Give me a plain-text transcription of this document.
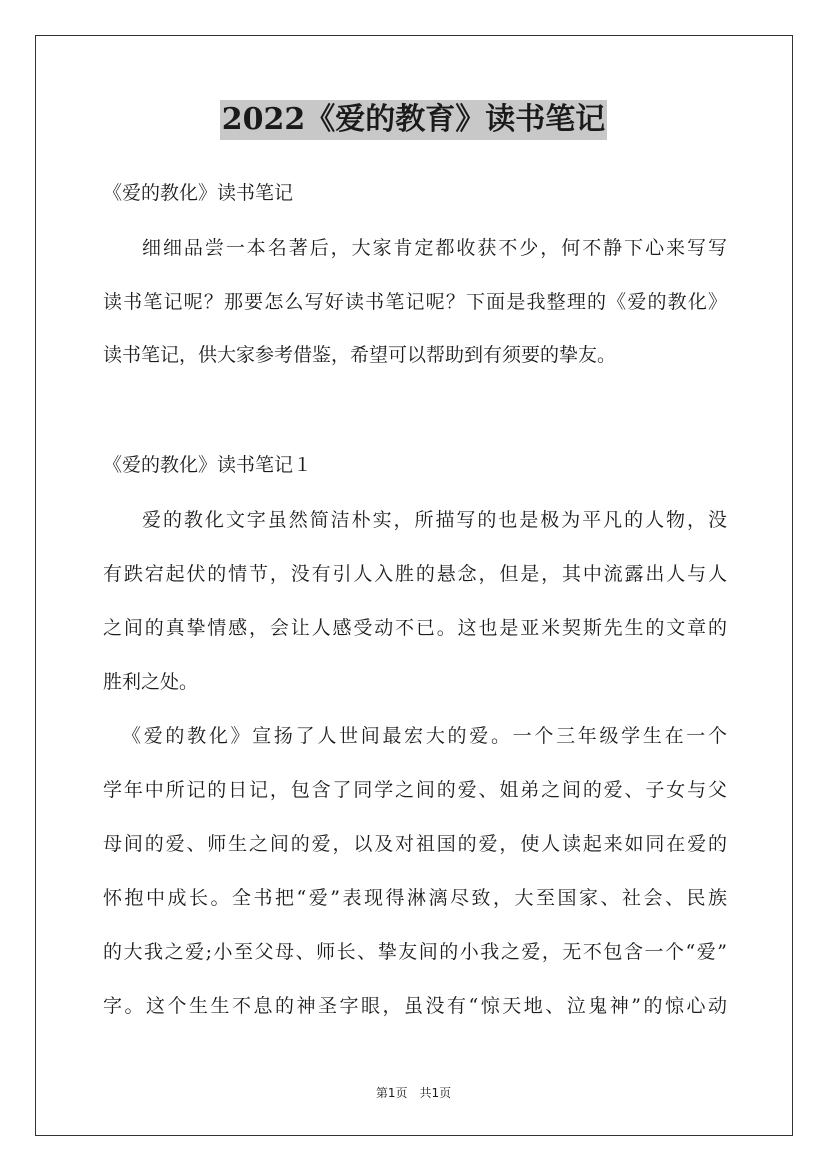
2022《爱的教育》读书笔记
《爱的教化》读书笔记
细细品尝一本名著后，大家肯定都收获不少，何不静下心来写写
读书笔记呢？那要怎么写好读书笔记呢？下面是我整理的《爱的教化》
读书笔记，供大家参考借鉴，希望可以帮助到有须要的挚友。
《爱的教化》读书笔记１
爱的教化文字虽然简洁朴实，所描写的也是极为平凡的人物，没
有跌宕起伏的情节，没有引人入胜的悬念，但是，其中流露出人与人
之间的真挚情感，会让人感受动不已。这也是亚米契斯先生的文章的
胜利之处。
《爱的教化》宣扬了人世间最宏大的爱。一个三年级学生在一个
学年中所记的日记，包含了同学之间的爱、姐弟之间的爱、子女与父
母间的爱、师生之间的爱，以及对祖国的爱，使人读起来如同在爱的
怀抱中成长。全书把“爱”表现得淋漓尽致，大至国家、社会、民族
的大我之爱;小至父母、师长、挚友间的小我之爱，无不包含一个“爱”
字。这个生生不息的神圣字眼，虽没有“惊天地、泣鬼神”的惊心动
第1页　共1页
